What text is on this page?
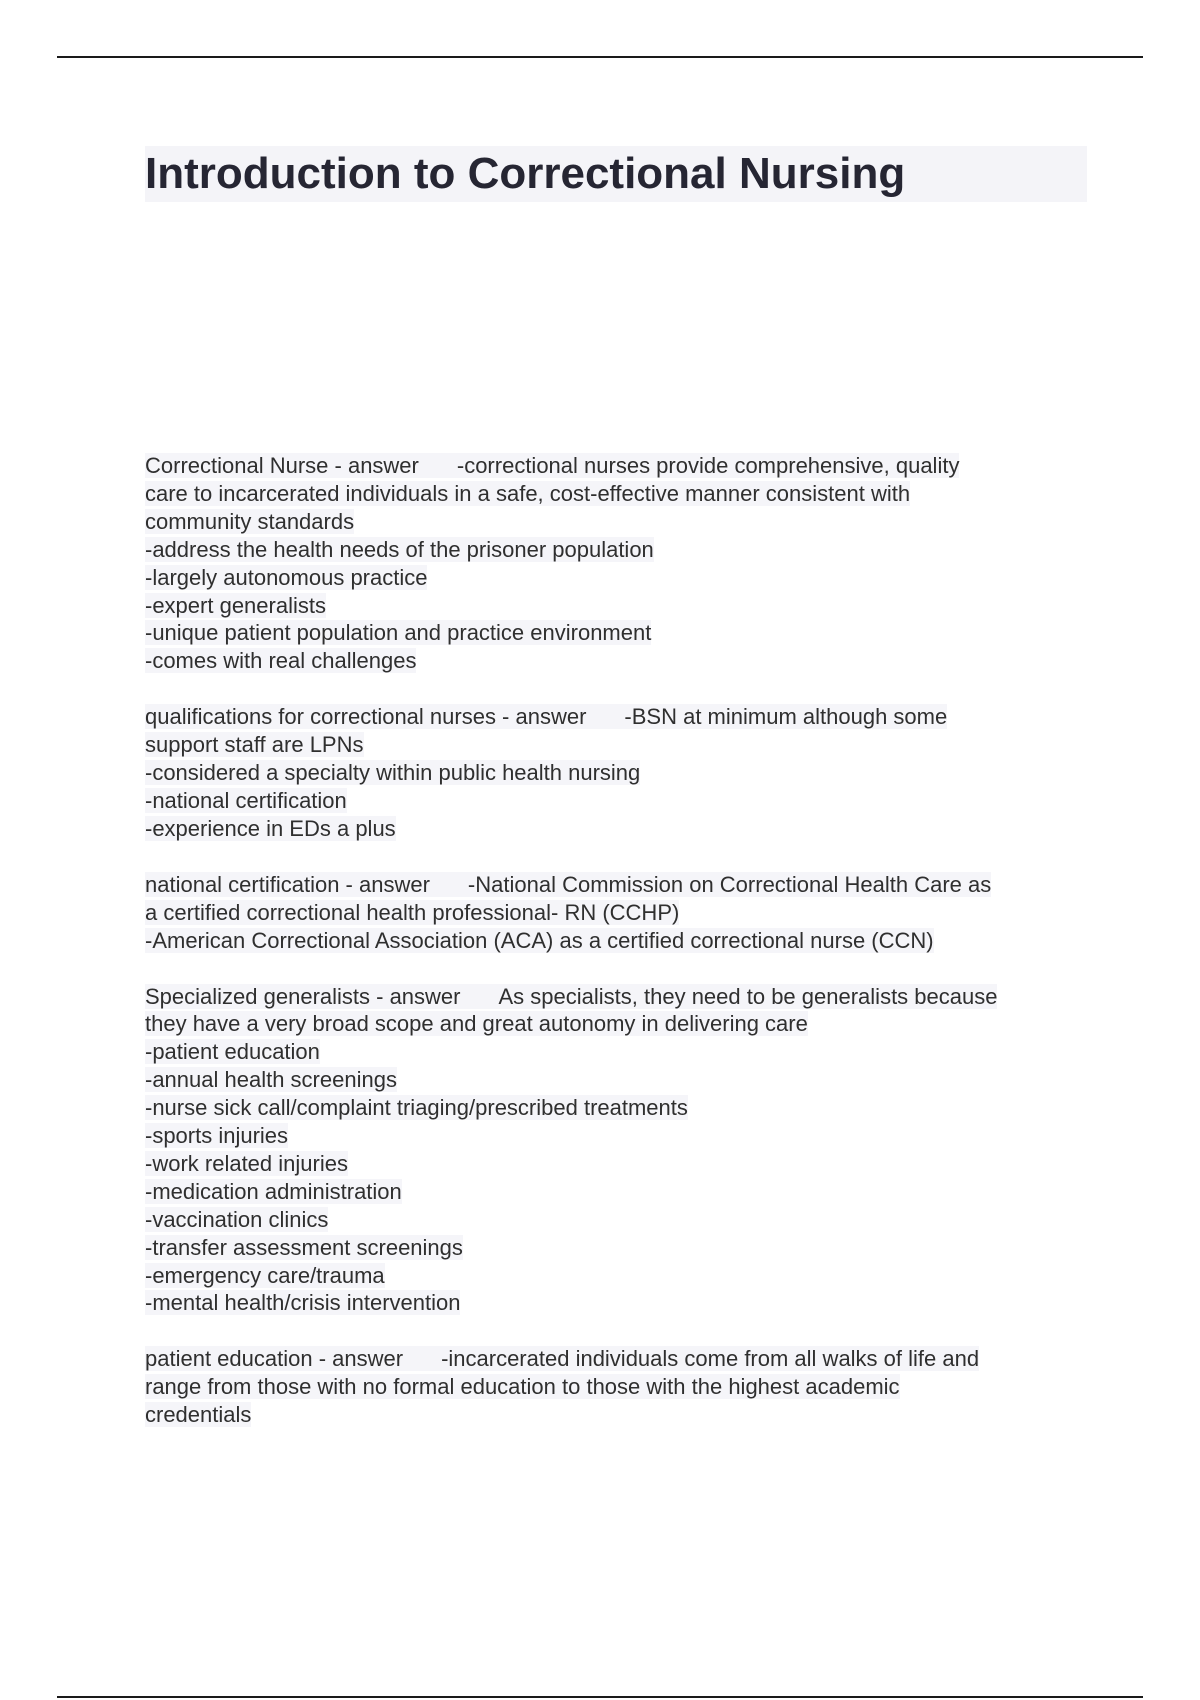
Introduction to Correctional Nursing
Correctional Nurse - answer -correctional nurses provide comprehensive, quality
care to incarcerated individuals in a safe, cost-effective manner consistent with
community standards
-address the health needs of the prisoner population
-largely autonomous practice
-expert generalists
-unique patient population and practice environment
-comes with real challenges
qualifications for correctional nurses - answer -BSN at minimum although some
support staff are LPNs
-considered a specialty within public health nursing
-national certification
-experience in EDs a plus
national certification - answer -National Commission on Correctional Health Care as
a certified correctional health professional- RN (CCHP)
-American Correctional Association (ACA) as a certified correctional nurse (CCN)
Specialized generalists - answer As specialists, they need to be generalists because
they have a very broad scope and great autonomy in delivering care
-patient education
-annual health screenings
-nurse sick call/complaint triaging/prescribed treatments
-sports injuries
-work related injuries
-medication administration
-vaccination clinics
-transfer assessment screenings
-emergency care/trauma
-mental health/crisis intervention
patient education - answer -incarcerated individuals come from all walks of life and
range from those with no formal education to those with the highest academic
credentials
